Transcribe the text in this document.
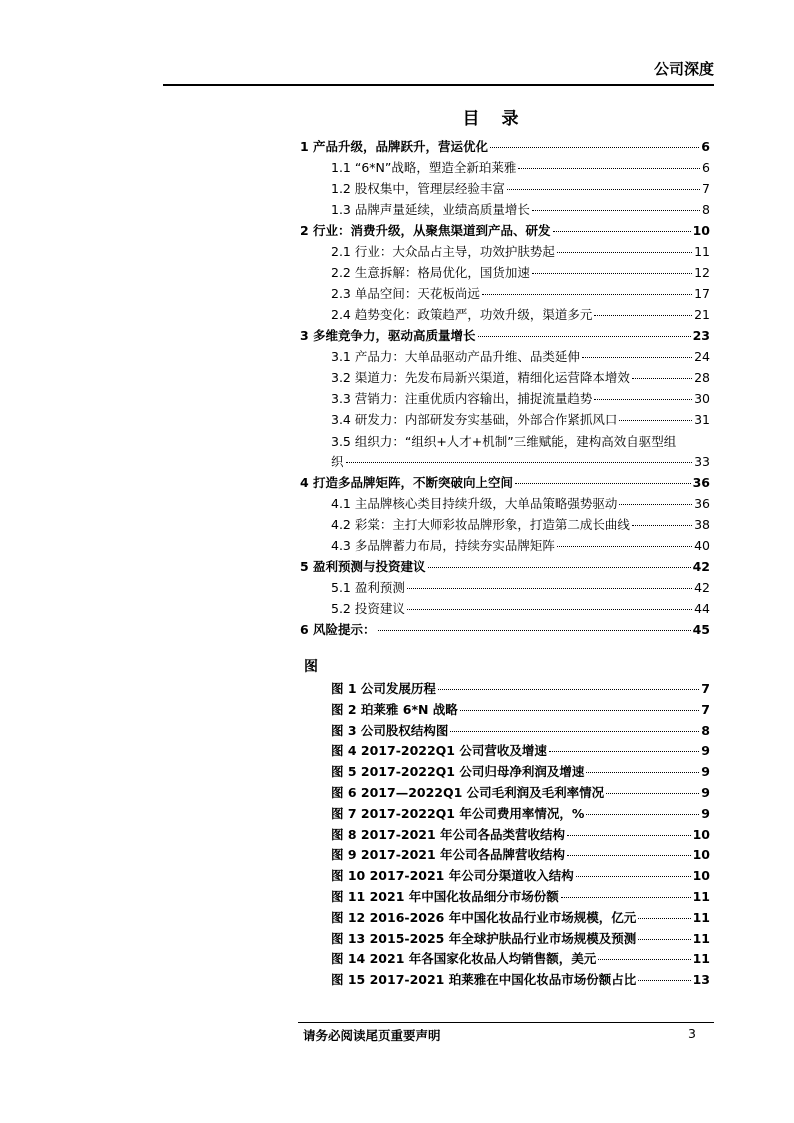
公司深度
目 录
1 产品升级，品牌跃升，营运优化	6
1.1 “6*N”战略，塑造全新珀莱雅	6
1.2 股权集中，管理层经验丰富	7
1.3 品牌声量延续，业绩高质量增长	8
2 行业：消费升级，从聚焦渠道到产品、研发	10
2.1 行业：大众品占主导，功效护肤势起	11
2.2 生意拆解：格局优化，国货加速	12
2.3 单品空间：天花板尚远	17
2.4 趋势变化：政策趋严，功效升级，渠道多元	21
3 多维竞争力，驱动高质量增长	23
3.1 产品力：大单品驱动产品升维、品类延伸	24
3.2 渠道力：先发布局新兴渠道，精细化运营降本增效	28
3.3 营销力：注重优质内容输出，捕捉流量趋势	30
3.4 研发力：内部研发夯实基础，外部合作紧抓风口	31
3.5 组织力：“组织+人才+机制”三维赋能，建构高效自驱型组
织	33
4 打造多品牌矩阵，不断突破向上空间	36
4.1 主品牌核心类目持续升级，大单品策略强势驱动	36
4.2 彩棠：主打大师彩妆品牌形象，打造第二成长曲线	38
4.3 多品牌蓄力布局，持续夯实品牌矩阵	40
5 盈利预测与投资建议	42
5.1 盈利预测	42
5.2 投资建议	44
6 风险提示：	45
图
图 1 公司发展历程	7
图 2 珀莱雅 6*N 战略	7
图 3 公司股权结构图	8
图 4 2017-2022Q1 公司营收及增速	9
图 5 2017-2022Q1 公司归母净利润及增速	9
图 6 2017—2022Q1 公司毛利润及毛利率情况	9
图 7 2017-2022Q1 年公司费用率情况，%	9
图 8 2017-2021 年公司各品类营收结构	10
图 9 2017-2021 年公司各品牌营收结构	10
图 10 2017-2021 年公司分渠道收入结构	10
图 11 2021 年中国化妆品细分市场份额	11
图 12 2016-2026 年中国化妆品行业市场规模，亿元	11
图 13 2015-2025 年全球护肤品行业市场规模及预测	11
图 14 2021 年各国家化妆品人均销售额，美元	11
图 15 2017-2021 珀莱雅在中国化妆品市场份额占比	13
请务必阅读尾页重要声明	3
